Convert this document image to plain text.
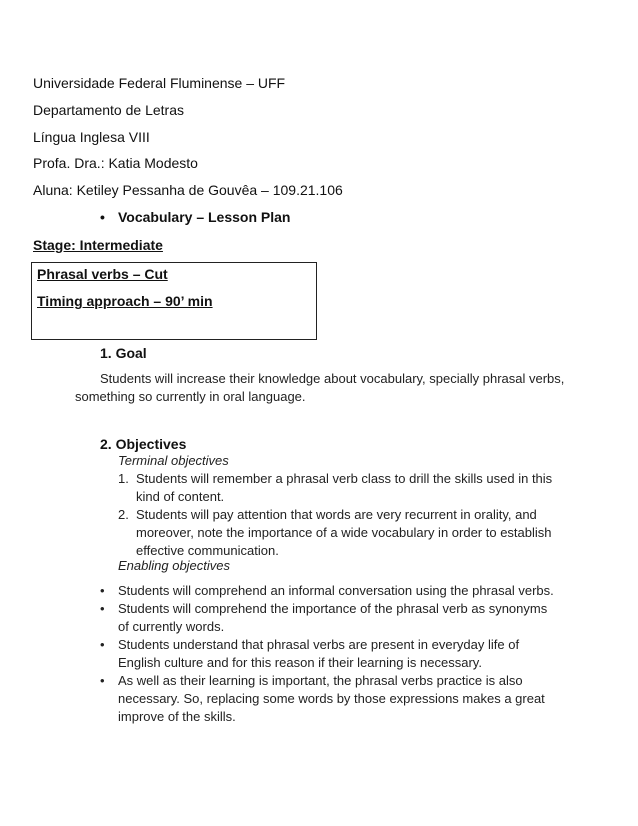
Universidade Federal Fluminense – UFF
Departamento de Letras
Língua Inglesa VIII
Profa. Dra.: Katia Modesto
Aluna: Ketiley Pessanha de Gouvêa – 109.21.106
• Vocabulary – Lesson Plan
Stage: Intermediate
Phrasal verbs – Cut
Timing approach – 90’ min
1. Goal
Students will increase their knowledge about vocabulary, specially phrasal verbs,
something so currently in oral language.
2. Objectives
Terminal objectives
1. Students will remember a phrasal verb class to drill the skills used in this kind of content.
2. Students will pay attention that words are very recurrent in orality, and moreover, note the importance of a wide vocabulary in order to establish effective communication.
Enabling objectives
•	Students will comprehend an informal conversation using the phrasal verbs.
•	Students will comprehend the importance of the phrasal verb as synonyms of currently words.
•	Students understand that phrasal verbs are present in everyday life of English culture and for this reason if their learning is necessary.
•	As well as their learning is important, the phrasal verbs practice is also necessary. So, replacing some words by those expressions makes a great improve of the skills.
